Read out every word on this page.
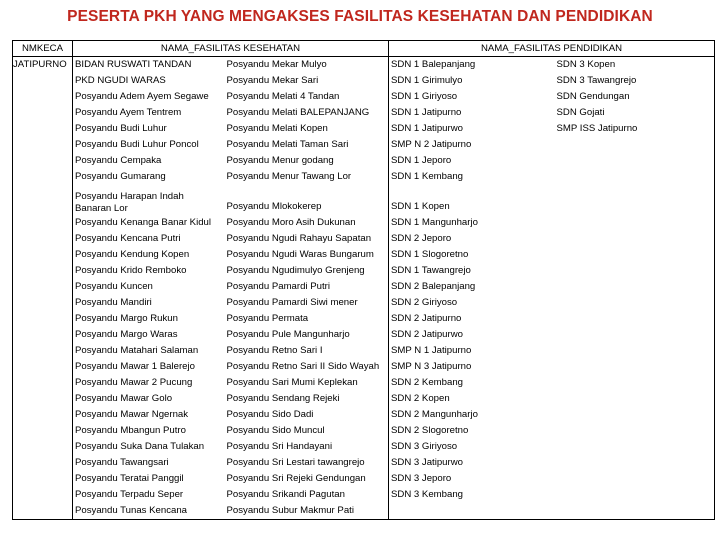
PESERTA PKH YANG MENGAKSES FASILITAS KESEHATAN DAN PENDIDIKAN
NMKECA	NAMA_FASILITAS KESEHATAN		NAMA_FASILITAS PENDIDIKAN	
JATIPURNO	BIDAN RUSWATI TANDAN	Posyandu Mekar Mulyo	SDN 1 Balepanjang	SDN 3 Kopen
	PKD NGUDI WARAS	Posyandu Mekar Sari	SDN 1 Girimulyo	SDN 3 Tawangrejo
	Posyandu Adem Ayem Segawe	Posyandu Melati 4 Tandan	SDN 1 Giriyoso	SDN Gendungan
	Posyandu Ayem Tentrem	Posyandu Melati BALEPANJANG	SDN 1 Jatipurno	SDN Gojati
	Posyandu Budi Luhur	Posyandu Melati Kopen	SDN 1 Jatipurwo	SMP ISS Jatipurno
	Posyandu Budi Luhur Poncol	Posyandu Melati Taman Sari	SMP N 2 Jatipurno	
	Posyandu Cempaka	Posyandu Menur godang	SDN 1 Jeporo	
	Posyandu Gumarang	Posyandu Menur Tawang Lor	SDN 1 Kembang	
	Posyandu Harapan Indah Banaran Lor	Posyandu Mlokokerep	SDN 1 Kopen	
	Posyandu Kenanga Banar Kidul	Posyandu Moro Asih Dukunan	SDN 1 Mangunharjo	
	Posyandu Kencana Putri	Posyandu Ngudi Rahayu Sapatan	SDN 2 Jeporo	
	Posyandu Kendung Kopen	Posyandu Ngudi Waras Bungarum	SDN 1 Slogoretno	
	Posyandu Krido Remboko	Posyandu Ngudimulyo Grenjeng	SDN 1 Tawangrejo	
	Posyandu Kuncen	Posyandu Pamardi Putri	SDN 2 Balepanjang	
	Posyandu Mandiri	Posyandu Pamardi Siwi mener	SDN 2 Giriyoso	
	Posyandu Margo Rukun	Posyandu Permata	SDN 2 Jatipurno	
	Posyandu Margo Waras	Posyandu Pule Mangunharjo	SDN 2 Jatipurwo	
	Posyandu Matahari Salaman	Posyandu Retno Sari I	SMP N 1 Jatipurno	
	Posyandu Mawar 1 Balerejo	Posyandu Retno Sari II Sido Wayah	SMP N 3 Jatipurno	
	Posyandu Mawar 2 Pucung	Posyandu Sari Mumi Keplekan	SDN 2 Kembang	
	Posyandu Mawar Golo	Posyandu Sendang Rejeki	SDN 2 Kopen	
	Posyandu Mawar Ngernak	Posyandu Sido Dadi	SDN 2 Mangunharjo	
	Posyandu Mbangun Putro	Posyandu Sido Muncul	SDN 2 Slogoretno	
	Posyandu Suka Dana Tulakan	Posyandu Sri Handayani	SDN 3 Giriyoso	
	Posyandu Tawangsari	Posyandu Sri Lestari tawangrejo	SDN 3 Jatipurwo	
	Posyandu Teratai Panggil	Posyandu Sri Rejeki Gendungan	SDN 3 Jeporo	
	Posyandu Terpadu Seper	Posyandu Srikandi Pagutan	SDN 3 Kembang	
	Posyandu Tunas Kencana	Posyandu Subur Makmur Pati		
